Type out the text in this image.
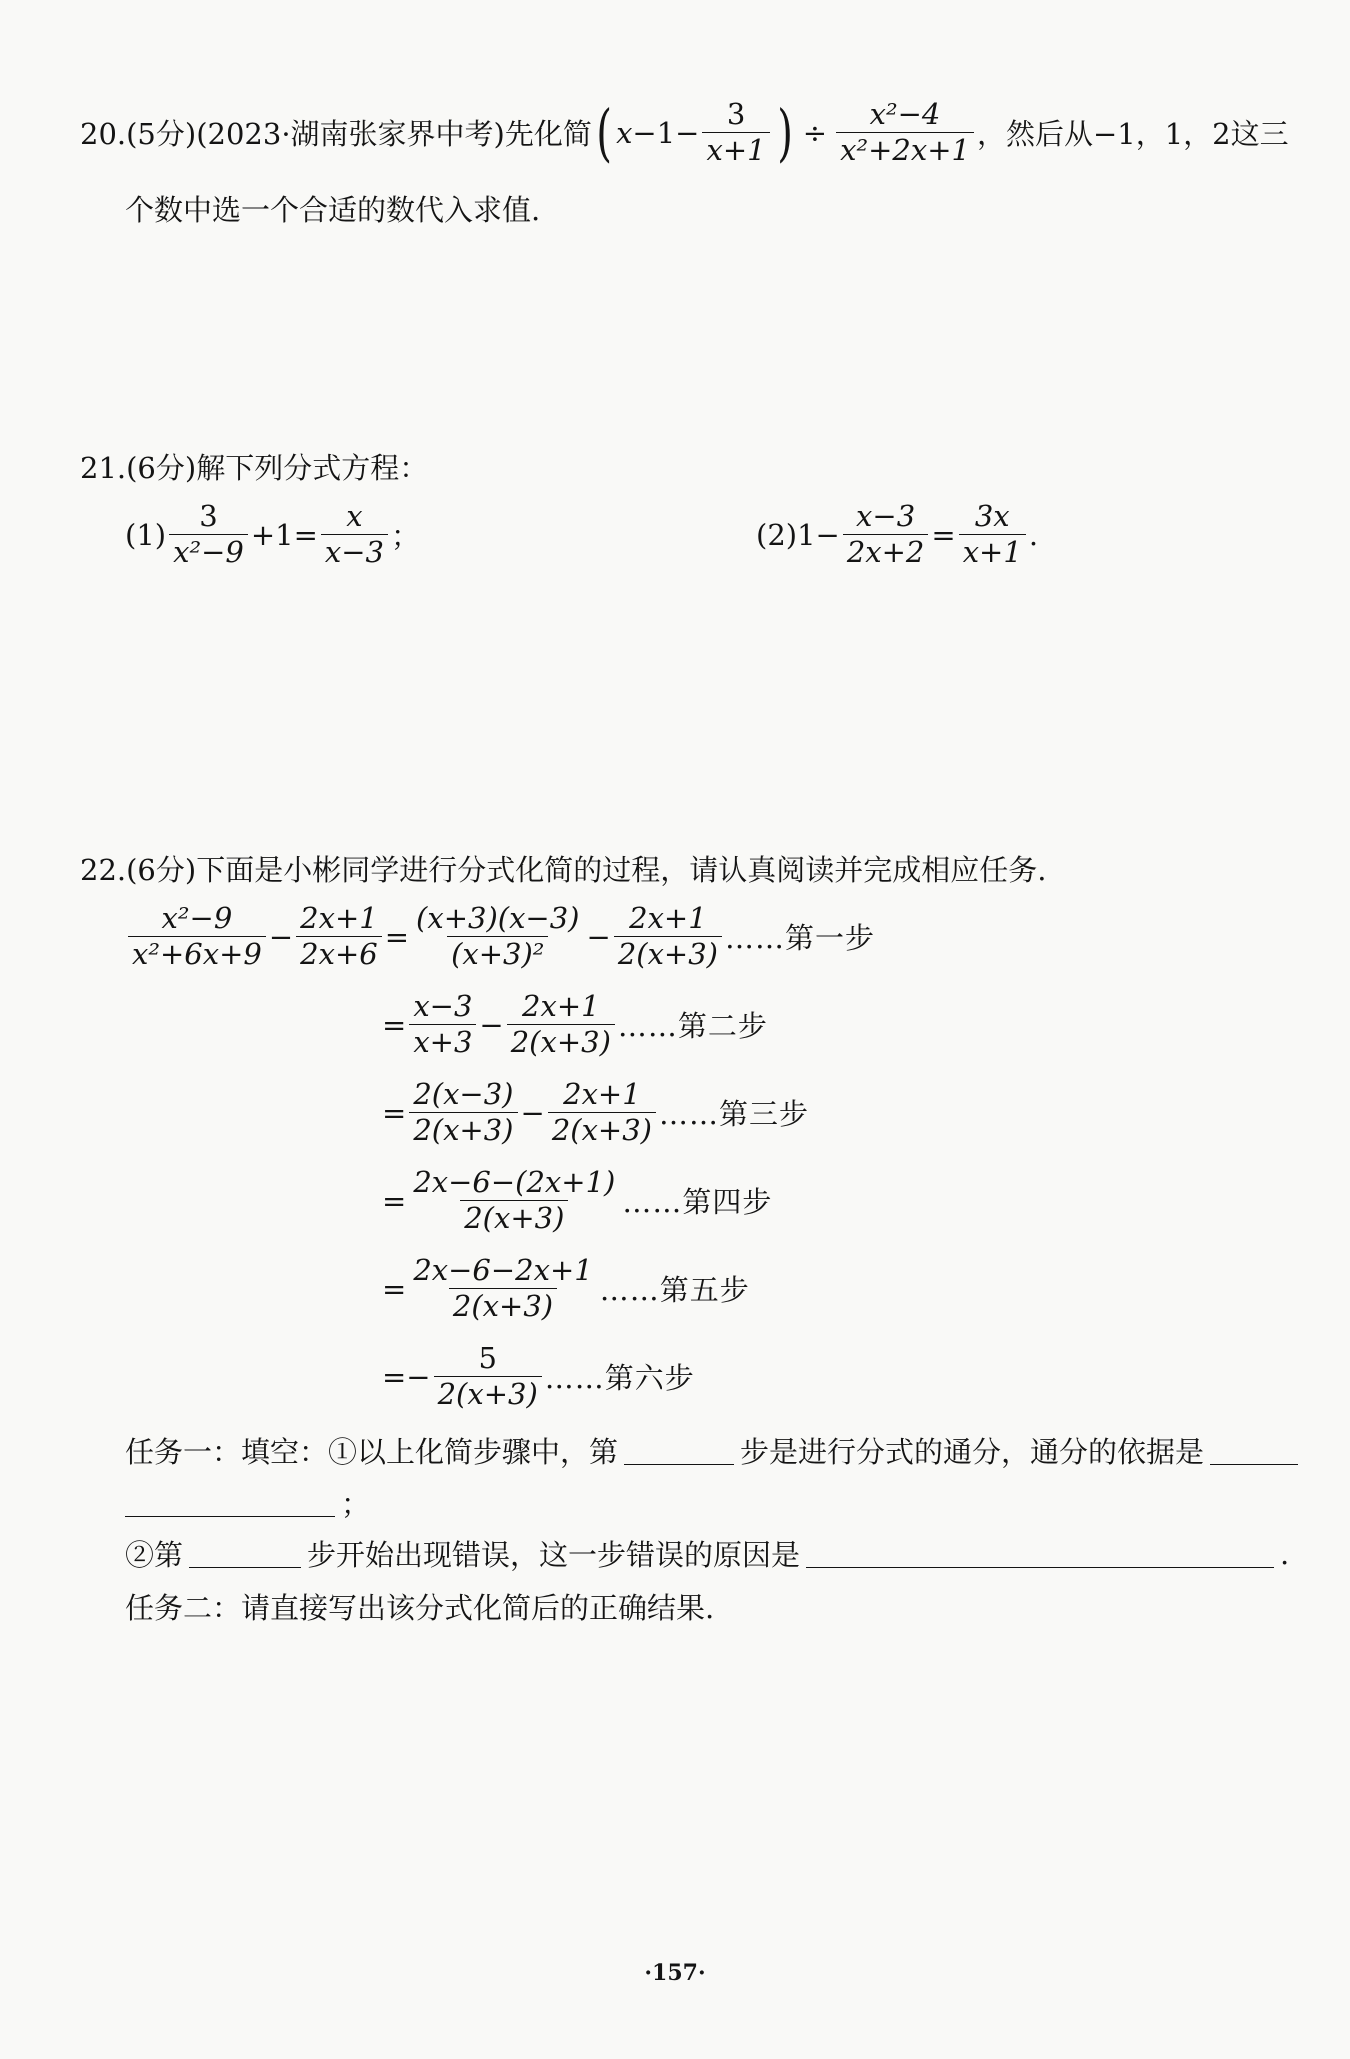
20.(5分)(2023·湖南张家界中考)先化简 ( $x -1- \frac{3}{x+1}$ ) ÷ $\frac{\text{x²−4}}{\text{x²+2x+1}}$ ，然后从−1，1，2这三
个数中选一个合适的数代入求值.
21.(6分)解下列分式方程：
$(1) \frac{3}{\text{x²−9}} +1= \frac{x}{x-3}$ ；	$(2)1- \frac{x-3}{2x+2} = \frac{3x}{x+1}$ .
22.(6分)下面是小彬同学进行分式化简的过程，请认真阅读并完成相应任务.
$\frac{\text{x²−9}}{\text{x²+6x+9}} - \frac{2x+1}{2x+6} = \frac{(x+3)(x-3)}{\text{(x+3)²}} - \frac{2x+1}{2(x+3)}$ ……第一步
= $\frac{x-3}{x+3} - \frac{2x+1}{2(x+3)}$ ……第二步
= $\frac{2(x-3)}{2(x+3)} - \frac{2x+1}{2(x+3)}$ ……第三步
= $\frac{2x-6-(2x+1)}{2(x+3)}$ ……第四步
= $\frac{2x-6-2x+1}{2(x+3)}$ ……第五步
=− $\frac{5}{2(x+3)}$ ……第六步
任务一：填空：①以上化简步骤中，第	步是进行分式的通分，通分的依据是
；
②第	步开始出现错误，这一步错误的原因是	.
任务二：请直接写出该分式化简后的正确结果.
·157·
